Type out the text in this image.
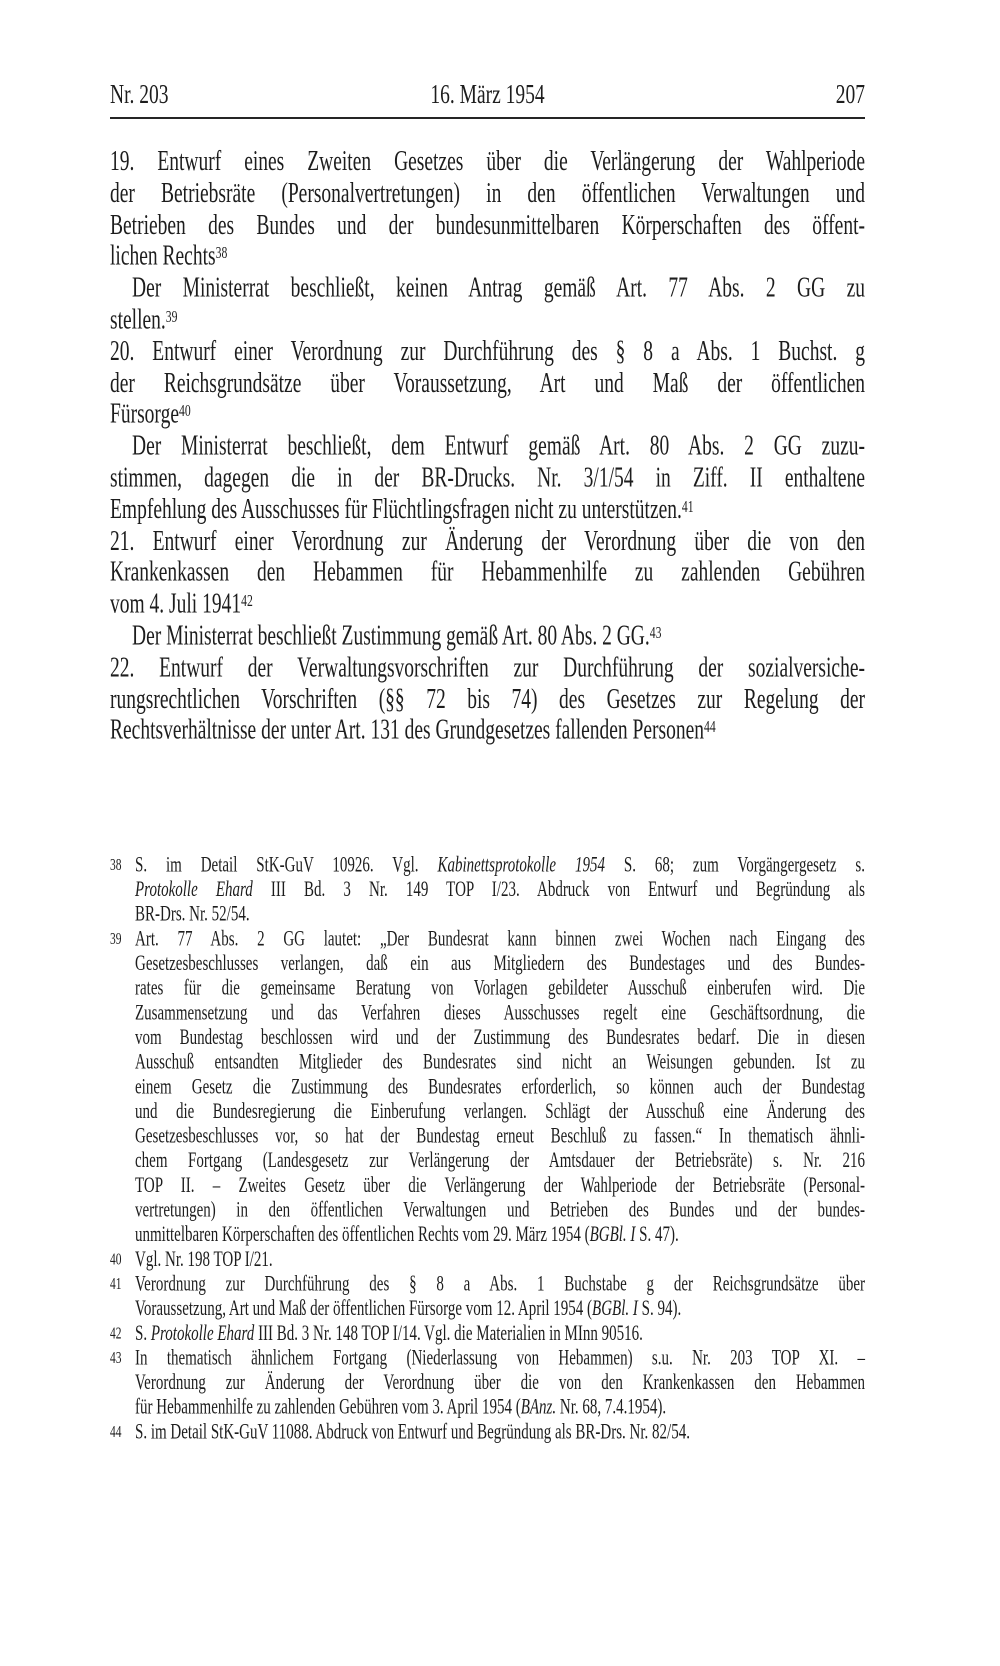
Nr. 203	16. März 1954	207
19. Entwurf eines Zweiten Gesetzes über die Verlängerung der Wahlperiode
der Betriebsräte (Personalvertretungen) in den öffentlichen Verwaltungen und
Betrieben des Bundes und der bundesunmittelbaren Körperschaften des öffent-
lichen Rechts$^{38}$
Der Ministerrat beschließt, keinen Antrag gemäß Art. 77 Abs. 2 GG zu
stellen.$^{39}$
20. Entwurf einer Verordnung zur Durchführung des § 8 a Abs. 1 Buchst. g
der Reichsgrundsätze über Voraussetzung, Art und Maß der öffentlichen
Fürsorge$^{40}$
Der Ministerrat beschließt, dem Entwurf gemäß Art. 80 Abs. 2 GG zuzu-
stimmen, dagegen die in der BR-Drucks. Nr. 3/1/54 in Ziff. II enthaltene
Empfehlung des Ausschusses für Flüchtlingsfragen nicht zu unterstützen.$^{41}$
21. Entwurf einer Verordnung zur Änderung der Verordnung über die von den
Krankenkassen den Hebammen für Hebammenhilfe zu zahlenden Gebühren
vom 4. Juli 1941$^{42}$
Der Ministerrat beschließt Zustimmung gemäß Art. 80 Abs. 2 GG.$^{43}$
22. Entwurf der Verwaltungsvorschriften zur Durchführung der sozialversiche-
rungsrechtlichen Vorschriften (§§ 72 bis 74) des Gesetzes zur Regelung der
Rechtsverhältnisse der unter Art. 131 des Grundgesetzes fallenden Personen$^{44}$
38 S. im Detail StK-GuV 10926. Vgl. Kabinettsprotokolle 1954 S. 68; zum Vorgängergesetz s.
Protokolle Ehard III Bd. 3 Nr. 149 TOP I/23. Abdruck von Entwurf und Begründung als
BR-Drs. Nr. 52/54.
39 Art. 77 Abs. 2 GG lautet: „Der Bundesrat kann binnen zwei Wochen nach Eingang des
Gesetzesbeschlusses verlangen, daß ein aus Mitgliedern des Bundestages und des Bundes-
rates für die gemeinsame Beratung von Vorlagen gebildeter Ausschuß einberufen wird. Die
Zusammensetzung und das Verfahren dieses Ausschusses regelt eine Geschäftsordnung, die
vom Bundestag beschlossen wird und der Zustimmung des Bundesrates bedarf. Die in diesen
Ausschuß entsandten Mitglieder des Bundesrates sind nicht an Weisungen gebunden. Ist zu
einem Gesetz die Zustimmung des Bundesrates erforderlich, so können auch der Bundestag
und die Bundesregierung die Einberufung verlangen. Schlägt der Ausschuß eine Änderung des
Gesetzesbeschlusses vor, so hat der Bundestag erneut Beschluß zu fassen.“ In thematisch ähnli-
chem Fortgang (Landesgesetz zur Verlängerung der Amtsdauer der Betriebsräte) s. Nr. 216
TOP II. – Zweites Gesetz über die Verlängerung der Wahlperiode der Betriebsräte (Personal-
vertretungen) in den öffentlichen Verwaltungen und Betrieben des Bundes und der bundes-
unmittelbaren Körperschaften des öffentlichen Rechts vom 29. März 1954 (BGBl. I S. 47).
40 Vgl. Nr. 198 TOP I/21.
41 Verordnung zur Durchführung des § 8 a Abs. 1 Buchstabe g der Reichsgrundsätze über
Voraussetzung, Art und Maß der öffentlichen Fürsorge vom 12. April 1954 (BGBl. I S. 94).
42 S. Protokolle Ehard III Bd. 3 Nr. 148 TOP I/14. Vgl. die Materialien in MInn 90516.
43 In thematisch ähnlichem Fortgang (Niederlassung von Hebammen) s.u. Nr. 203 TOP XI. –
Verordnung zur Änderung der Verordnung über die von den Krankenkassen den Hebammen
für Hebammenhilfe zu zahlenden Gebühren vom 3. April 1954 (BAnz. Nr. 68, 7.4.1954).
44 S. im Detail StK-GuV 11088. Abdruck von Entwurf und Begründung als BR-Drs. Nr. 82/54.
